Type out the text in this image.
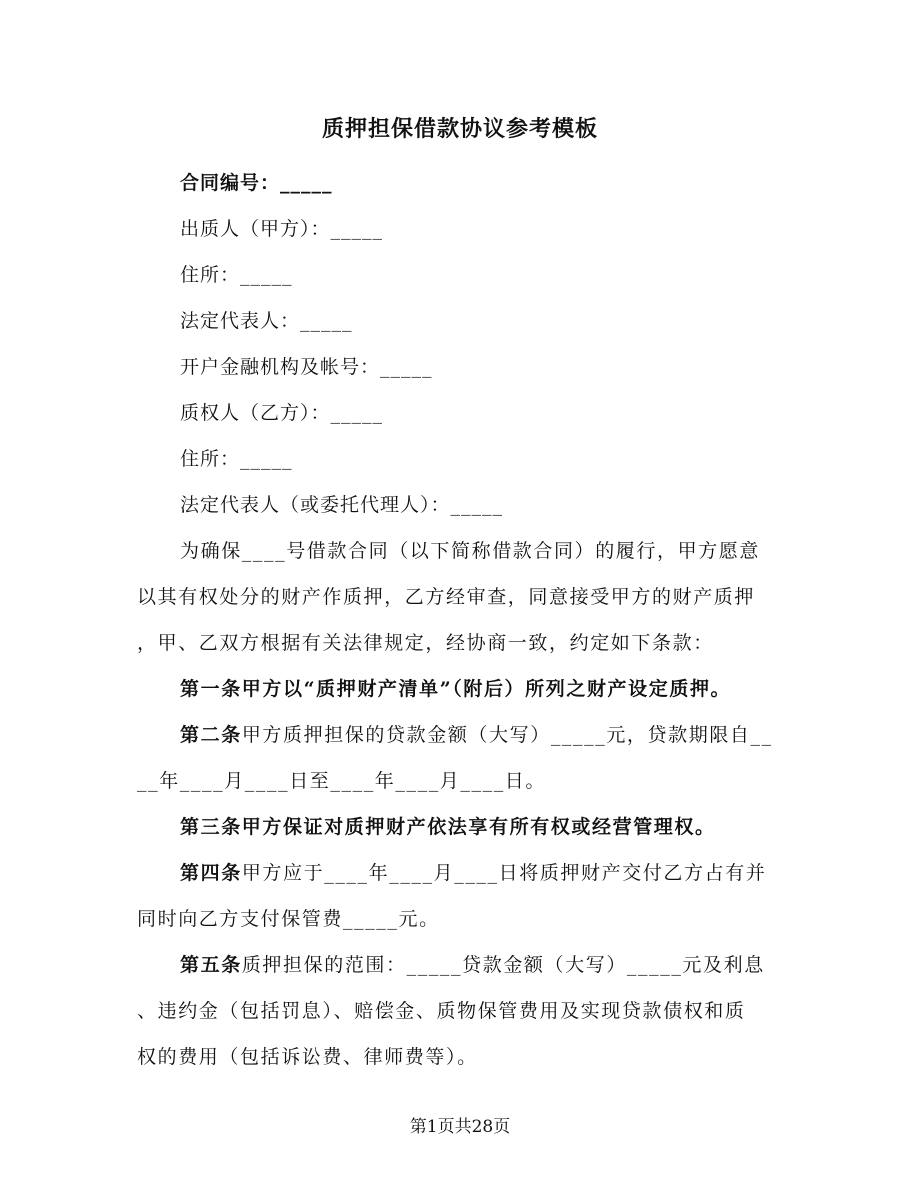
质押担保借款协议参考模板
合同编号：_____
出质人（甲方）：_____
住所：_____
法定代表人：_____
开户金融机构及帐号：_____
质权人（乙方）：_____
住所：_____
法定代表人（或委托代理人）：_____
为确保____号借款合同（以下简称借款合同）的履行，甲方愿意
以其有权处分的财产作质押，乙方经审查，同意接受甲方的财产质押
，甲、乙双方根据有关法律规定，经协商一致，约定如下条款：
第一条甲方以“质押财产清单”（附后）所列之财产设定质押。
第二条甲方质押担保的贷款金额（大写）_____元，贷款期限自__
__年____月____日至____年____月____日。
第三条甲方保证对质押财产依法享有所有权或经营管理权。
第四条甲方应于____年____月____日将质押财产交付乙方占有并
同时向乙方支付保管费_____元。
第五条质押担保的范围：_____贷款金额（大写）_____元及利息
、违约金（包括罚息）、赔偿金、质物保管费用及实现贷款债权和质
权的费用（包括诉讼费、律师费等）。
第1页共28页
